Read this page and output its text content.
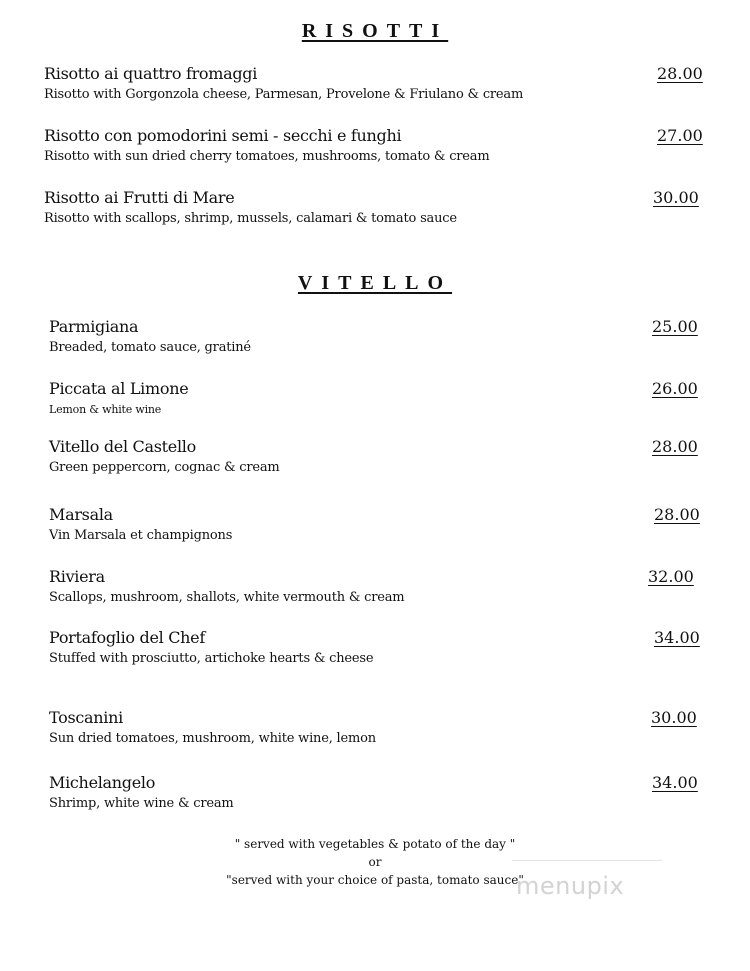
RISOTTI
Risotto ai quattro fromaggi
Risotto with Gorgonzola cheese, Parmesan, Provelone & Friulano & cream
28.00
Risotto con pomodorini semi - secchi e funghi
Risotto with sun dried cherry tomatoes, mushrooms, tomato & cream
27.00
Risotto ai Frutti di Mare
Risotto with scallops, shrimp, mussels, calamari & tomato sauce
30.00
VITELLO
Parmigiana
Breaded, tomato sauce, gratiné
25.00
Piccata al Limone
Lemon & white wine
26.00
Vitello del Castello
Green peppercorn, cognac & cream
28.00
Marsala
Vin Marsala et champignons
28.00
Riviera
Scallops, mushroom, shallots, white vermouth & cream
32.00
Portafoglio del Chef
Stuffed with prosciutto, artichoke hearts & cheese
34.00
Toscanini
Sun dried tomatoes, mushroom, white wine, lemon
30.00
Michelangelo
Shrimp, white wine & cream
34.00
" served with vegetables & potato of the day "
or
"served with your choice of pasta, tomato sauce"
menupix
